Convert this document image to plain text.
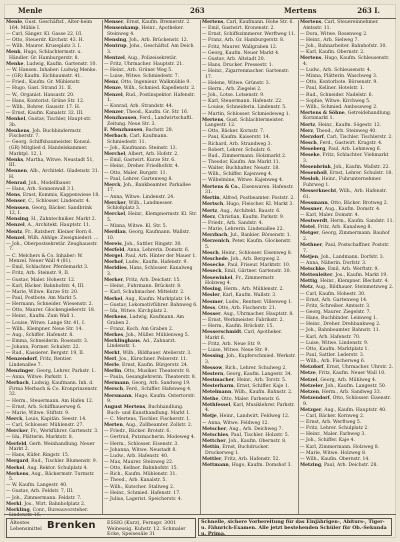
Menle	263	Mertens	263 I.
Menle, Gust. Geschäftsf., Alter-heim 164. Mühle I.
— Carl, Sänger. Kl. Gasse 22, I/I.
— Otto, Steuerdr. Kirchstr. 43. H.
— Wilh. Maurer. Kruseplatz 3. I.
Menk, Hugo, Schlachtermstr. u. Händler. Gr. Hamburgerstr. 8.
Menke, Ludwig, Kaufm. Gartenstr. 10.
— W. Hansen. Inhaber: Ludwig Menke.
— (GR) Kaufm. Eichbaumstr. 41.
— Fried., Kaufm. Gr. Mühlenstr.
— Hugo, Gast. Strand 31. II.
— W., Organist. Hansastr. 20.
— Hans, Kontorist. Grüne Str. 12.
— Wilh., Bohrer. Gausstr. 17. H.
— Ernst, Kaufm. Kanalstr. 32. III.
Menkel, Gustav, Tischler, Haupt-str. 3b.
Menkens, Joh. Buchbindermstr. Fischerstr. 7.
— Georg. Schiffsbaumeister. Konsul. (GR) Mitglied d. Handelskammer. Marktpl. 12, I.
Menks, Martha, Witwe. Neustadt 51, III.
Mennen, Alb., Architekt. Gladenstr. 31. H.
Menrad, Joh., Modellbauer.
— Hans, Arb. Sonnenwall 3 I.
Mens, Ernst, Kommis, Kappenwiese 18.
Menser, C., Schlosser. Lindenstr. 4.
Menssen, Georg, Bäcker. Sandbrink 12, I.
Mensing, H., Zahntechniker. Markt 2.
Menzel, A., Architekt. Hauptstr. 11.
Mentz, Fr., Ratsherr. Kleiner Born 6.
Menzel, Wilh. Abhlge. Zweigniederl. ...
— Joh., Oberpostsekretär. Zeughausstr. 7.
— C. Melchers & Co. Inhaber: W. Menzel. Neuer Wall 4 (81).
— Emil, Schlachter. Pferdemarkt 3.
— Fritz, Arb. Steinstr. 9, II.
— Gustav, Maler. Hohestr. 12.
— Karl, Bäcker. Bahnhofstr. 4, III.
— Marie, Witwe. Kurze Str. 20.
— Paul, Postbote. Am Markt 5.
— Hermann, Schneider. Wiesenstr. 2.
— Otto, Maurer. Glockengießerstr. 18.
— Heinr., Kaufm. Zum Wall 1.
— Louise, Witwe. Lange Str. 41, I.
— Wilh., Klempner. Neue Str. 14.
— Aug., Schiffer. Hafenstr. 8.
— Emma, Schneiderin. Rosenstr. 3.
— Johann, Former. Schulstr. 22.
— Rud., Kassierer. Bergstr. 19, II.
Menzendorf, Fritz, Rentier. Lindenallee 7.
Menzinger, Georg, Lehrer. Parkstr. 1.
— Anna, Witwe. Parkstr. 1.
Merbach, Ludwig, Kaufmann. Inh. d. Firma Merbach & Co. Kronprinzenstr. 32.
— Herm., Steuermann. Am Hafen 12.
— Ernst, Arb. Schiffbauerweg 6.
— Marie, Witwe. Stiftstr. 9.
Merck, Louis, Kapitän. Seestr. 14.
— Carl, Schlosser. Mühlenstr. 27.
Mercker, Fr., Werkführer. Gartenstr. 3.
— Ida, Plätterin. Marktstr. 8.
Merfeld, Gerh. Weinhandlung. Neuer Markt 2.
— Hans, Küfer. Ringstr. 15.
Mergard, Rud., Tischler. Blumenstr. 9.
Merkel, Aug. Rektor. Schulplatz 4.
Merkens, Aug., Bäckermstr. Turmstr. 5.
— W. Kaufm. Langestr. 40.
— Gustav, Arb. Feldstr. 7, III.
— Joh., Zimmermann. Feldstr. 7.
Merkl, Jos., Wirt. Bahnhofplatz 2.
Merkling, Conr., Bureauvorsteher. Lindenstr. 16.
Menser, Ernst, Kaufm. Bremerstr. 2.
Mensenkamp, Heinr., Apotheker. Steinweg 4.
Mensing, Joh., Arb. Brückenstr. 12.
Mentrup, Johs., Geschäftsf. Am Deich 3.
Mentzel, Aug., Polizeisekretär.
— Fritz, Uhrmacher. Hauptstr. 21.
— Heinr., Arb. Grüner Weg 5.
— Luise, Witwe. Schmiedestr. 7.
Menz, Otto, Ingenieur. Walkmühle 9.
Menze, Wilh., Schmied. Kapellenstr. 2.
Menzel, Rud., Postinspektor. Hafenstr. 1.
— Konrad, Arb. Strandstr. 44.
Menzer, Theod., Kaufm. Gr. Str. 16.
Menzhausen, Ferd., Landwirtschaftl. Zeitung. Neue Str. 3.
F. Menzhausen, Bachstr. 28.
Merbach, Carl, Kaufmann. Schmiedestr. 11.
— Joh., Kaufmann. Steinstr. 13.
Merchel, Albert, Arb. Hofstr. 2.
— Emil, Gastwirt. Kurze Str. 6.
— Heinr., Dreher. Friedhofstr. 4.
— Otto, Maler. Burgstr. 11.
— Paul, Lehrer. Gartenweg 8.
Merck, Joh., Bankbeamter. Parkallee 17.
— Anna, Witwe. Lindenstr. 24.
Mercker, Wilh., Landmesser. Schloßplatz 3.
Merckel, Heinr., Klempnermstr. Kl. Str. 5.
— Minna, Witwe. Kl. Str. 5.
Merdian, Georg, Kaufmann. Wallstr. 10.
Mereis, Joh., Sattler. Ringstr. 30.
Merfeld, Anna, Lehrerin. Domstr. 6.
Mergel, Paul, Arb. Hinter der Mauer 1.
Merhof, Ludw., Kaufm. Hafenstr. 9.
Meridies, Hans, Schlosser. Kanalweg 3.
Merker, Fritz, Arb. Deichstr. 15.
— Heinr., Fuhrmann. Brückstr. 8.
— Karl, Schuhmacher. Mittelstr. 2.
Merkel, Aug., Kaufm. Marktplatz 14.
— Gustav, Lokomotivführer. Bahnweg 6.
— Ida, Witwe. Kirchplatz 2.
Merkens, Ludwig, Kaufmann. Am Graben 2.
— Franz, Koch. Am Graben 2.
Merkes, Joh., Müller. Mühlenweg 5.
Merklinghaus, Ad., Zahnarzt. Lindenstr. 1.
Merkt, Wilh., Bildhauer. Atelierstr. 3.
Merl, Jos., Kürschner. Pelzerstr. 11.
Merle, Ernst, Kaufm. Bürgerstr. 24.
Merlin, Otto, Musiker. Theaterstr. 8.
— Paula, Gesanglehrerin. Theaterstr. 8.
Mermann, Georg, Arb. Sandweg 19.
Mersch, Ferd., Schiffer. Hafenweg 4.
Mersmann, Hugo, Kaufm. Ostertorstr. 9.
August Mertens, Buchhandlung. Buch- und Kunsthandlung. Markt 1.
— C. Mertens, Tischler. Fischerstr. 1.
Merten, Aug., Zollbeamter. Zollstr. 2.
— Friedr., Bäcker. Brotstr. 6.
— Gertrud, Putzmacherin. Modeweg 4.
— Herm., Schlosser. Eisenstr. 3.
— Johanna, Witwe. Neustadt 8.
— Ludw., Arb. Hafenstr. 40.
— Max, Maurer. Steinweg 22.
— Otto, Kellner. Bahnhofstr. 15.
— Rich., Kaufm. Mühlenstr. 31.
— Theod., Arb. Kanalstr. 5.
— Wilh., Kutscher. Stallweg 2.
— Heinr., Schmied. Hafenstr. 17.
— Julius, Lagerist. Speicherstr. 4.
Mertens, Carl, Kaufmann. Hohe Str. 6.
— Emil, Gastwirt. Kronenstr. 2.
— Ernst, Schiffszimmerer. Werftweg 11.
— Franz, Arb. Gr. Hamburgerstr. 8.
— Fritz, Maurer. Wallgraben 12.
— Georg, Kaufm. Neuer Markt 4.
— Gustav, Arb. Altstadt 20.
— Hans, Drucker. Pressestr. 1.
— Heinr., Zigarrenmacher. Gartenstr. 17.
— Helene, Witwe. Grünstr. 3.
— Herm., Arb. Ziegelei 2.
— Joh., Lotse. Lotsenstr. 9.
— Karl, Steuermann. Hafenstr. 22.
— Louise, Schneiderin. Lindenstr. 5.
— Martin, Schlosser. Schmiedeweg 1.
Mertens, Gust. Schlachtermeister. Langestr. 12.
— Otto, Bäcker. Kornstr. 7.
— Paul, Kaufm. Kaiserstr. 14.
— Richard, Arb. Strandweg 3.
— Robert, Lehrer. Schulstr. 6.
— Rud., Zimmermann. Holzmarkt 2.
— Theodor, Kaufm. Am Markt 11.
— Walter, Buchhalter. Neustr. 18.
— Wilh., Schiffer. Kajenweg 4.
— Wilhelmine, Witwe. Kajenweg 4.
Mertens & Co., Eisenwaren. Hafenstr. 31.
Mertin, Alfred, Postbeamter. Poststr. 2.
Mertsch, Hugo, Fleischer. Kl. Markt 3.
Mertz, Aug., Architekt. Baustr. 6.
Merz, Christian, Kaufm. Parkstr. 9.
— Friedr., Arb. Sandstr. 4.
— Marie, Lehrerin. Lindenallee 22.
Merzbach, Jul., Bankier. Börsenstr. 1.
Merzenich, Peter, Kaufm. Glockenstr. 5.
Mesch, Heinr., Schlosser. Eisenweg 8.
Meschede, Joh., Arb. Bergweg 2.
Mesecke, Paul, Friseur. Marktstr. 10.
Meseck, Emil, Gärtner. Gartenstr. 30.
Mesewinkel, Fr., Zimmermstr. Holzweg 4.
Mesing, Herm., Arb. Mühlenstr. 2.
Mesler, Karl, Kaufm. Wallstr. 3.
Mesmer, Ludw., Rentner. Villenweg 1.
Mess, Otto, Arb. Fischerstr. 21.
Messer, Aug., Uhrmacher. Hauptstr. 8.
— Ernst, Werkmeister. Fabrikstr. 2.
— Herm., Kaufm. Brückstr. 15.
Messerschmidt, Carl, Apotheker. Markt 6.
— Fritz, Arb. Neue Str. 9.
— Luise, Witwe. Neue Str. 9.
Messing, Joh., Kupferschmied. Werkstr. 3.
Messow, Rich., Lehrer. Schulweg 2.
Mestern, Georg, Kaufm. Langestr. 34.
Mestmacher, Heinr., Arb. Torstr. 5.
Mesterharm, Ernst, Schiffer. Kaje 1.
Metelmann, Wilh., Kaufm. Bahnstr. 2.
Methe, Otto, Maler. Farbenstr. 6.
Methfessel, Karl, Musiklehrer. Parkstr. 4.
Metje, Heinr., Landwirt. Feldweg 12.
— Anna, Witwe. Feldweg 12.
Metscher, Aug., Arb. Deichweg 7.
Metschies, Paul, Tischler. Holzstr. 5.
Mettcher, Joh., Kaufm. Obernstr. 8.
Mettin, Ernst, Buchdrucker. Druckerweg 1.
Mettler, Fritz, Arb. Hafenstr. 52.
Mettmann, Hugo, Kaufm. Domshof 3.
Mertens, Carl, Steuereinnehmer. Amtsstr. 11.
— Dora, Witwe. Rosenweg 2.
— Heinr., Arb. Sielweg 7.
— Joh., Bahnarbeiter. Bahnhofstr. 30.
— Karl, Kaufm. Obernstr. 2.
Mertens, Hugo, Kaufm. Schleusenstr. 4.
— Ludw., Arb. Schleusenstr. 4.
— Minna, Plätterin. Waschweg 3.
— Otto, Kontorbote. Börsenstr. 9.
— Paul, Kellner. Hotelstr. 1.
— Rud., Schneider. Nadelstr. 6.
— Sophie, Witwe. Kirchweg 5.
— Wilh., Schmied. Ambossweg 2.
Mertens & Söhne, Getreidehandlung. Kornmarkt 1.
Mertz, Heinr., Kaufm. Sögestr. 12.
Merz, Theod., Arb. Steinweg 40.
Merzdorf, Carl, Tischler. Tischlerstr. 2.
Mesch, Ferd., Gastwirt. Krugstr. 4.
Meseberg, Paul, Arb. Lehmweg 6.
Meseke, Fritz, Schlachter. Viehmarkt 3.
Mesenbrink, Joh., Kaufm. Wallstr. 22.
Mesenholl, Ernst, Lehrer. Schulstr. 18.
Mesloh, Heinr., Fuhrunternehmer. Fuhrweg 1.
Messerknecht, Wilh., Arb. Hafenstr. 61.
Messmann, Otto, Bäcker. Brotweg 2.
Messner, Aug., Kaufm. Domstr. 4.
— Karl, Maler. Domstr. 4.
Mestwerdt, Herm., Kaufm. Sandstr. 11.
Metel, Fritz, Arb. Kanalweg 8.
Metger, Georg, Zimmermann. Bauhof 2.
Methner, Paul, Postschaffner. Poststr. 7.
Metjen, Joh., Landmann. Dorfstr. 3.
— Anna, Näherin. Dorfstr. 3.
Metschke, Emil, Arb. Werftstr. 9.
Mettenleiter, Jos., Kaufm. Markt 19.
Mettig, Heinr., Klempner. Blechstr. 4.
Metz, Aug., Bildhauer. Steinmetzweg 2.
— Carl, Kaufm. Hohestr. 30.
— Ernst, Arb. Gartenweg 14.
— Fritz, Schreiber. Amtsstr. 3.
— Georg, Maurer. Ziegelstr. 7.
— Hans, Buchbinder. Leimweg 1.
— Heinr., Dreher. Drehbankweg 2.
— Joh., Bahnbeamter. Bahnstr. 11.
— Karl, Arb. Hafenstr. 70.
— Luise, Witwe. Lindenstr. 9.
— Otto, Kaufm. Marktplatz 1.
— Paul, Sattler. Lederstr. 3.
— Wilh., Arb. Fischerweg 6.
Metzdorf, Ernst, Uhrmacher. Uhrstr. 2.
Metze, Fritz, Kaufm. Neuer Wall 10.
Metzel, Georg, Arb. Mühlweg 4.
Metzeler, Joh., Kaufm. Langestr. 50.
Metzen, Herm., Arb. Sandweg 33.
Metzendorf, Otto, Schlosser. Eisenstr. 9.
Metzger, Aug., Kaufm. Hauptstr. 40.
— Carl, Bäcker. Kornweg 2.
— Ernst, Arb. Werftweg 5.
— Fritz, Lehrer. Schulplatz 2.
— Heinr., Maler. Farbweg 3.
— Joh., Schiffer. Kaje 4.
— Karl, Zimmermann. Holzweg 8.
— Marie, Witwe. Holzweg 8.
— Wilh., Kaufm. Obernstr. 14.
Metzing, Paul, Arb. Deichstr. 28.
Ältestes Lebensmittel Brenken ESSIG (Kurz), Fernspr. 3001 Weinessig. Kuhstr. 12. Schmaler Ecke, Speisesäle 31
Schnelle, sichere Vorbereitung für das Einjährigen-, Abiturs-, Tiger- u. Fähnrich-Examen. Alle jetzt bestehenden Schüler für Ob.-Sekunda u. Prima.
